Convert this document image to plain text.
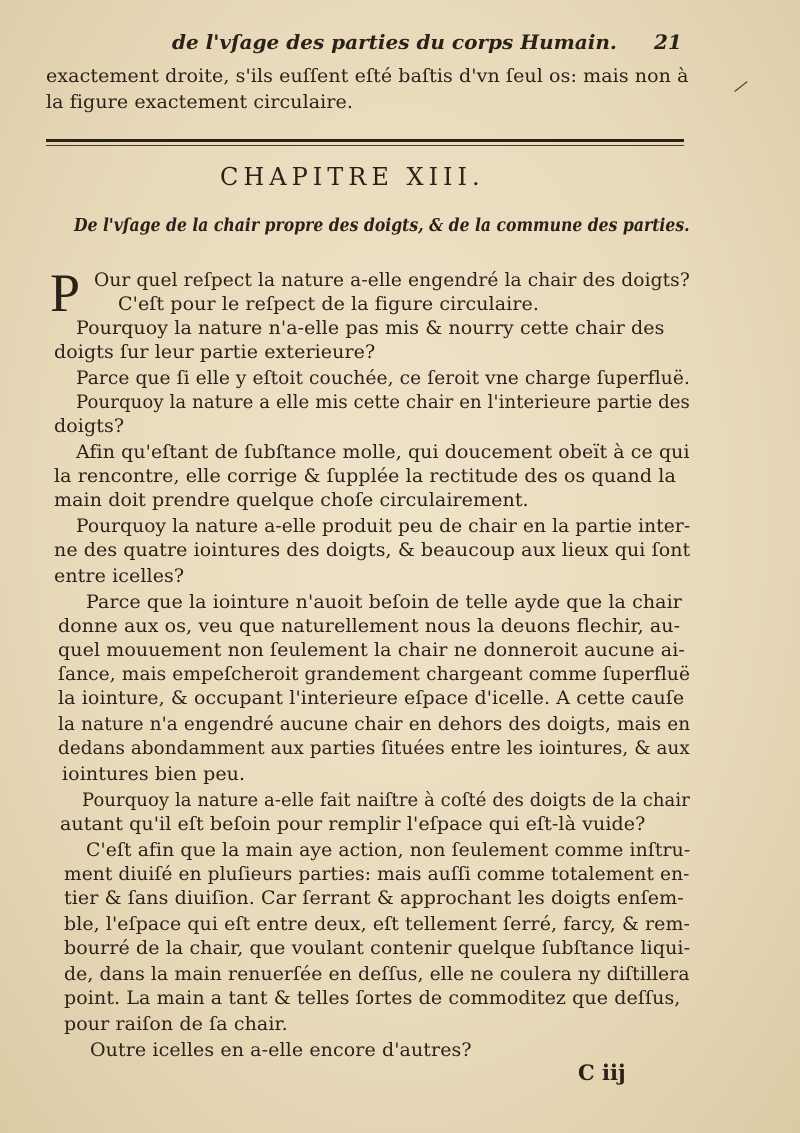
de l'vſage des parties du corps Humain. 21
exactement droite, s'ils euſſent eſté baſtis d'vn ſeul os: mais non à
la figure exactement circulaire.
CHAPITRE XIII.
De l'vſage de la chair propre des doigts, & de la commune des parties.
P Our quel reſpect la nature a-elle engendré la chair des doigts?
C'eſt pour le reſpect de la figure circulaire.
Pourquoy la nature n'a-elle pas mis & nourry cette chair des
doigts ſur leur partie exterieure?
Parce que ſi elle y eſtoit couchée, ce ſeroit vne charge ſuperfluë.
Pourquoy la nature a elle mis cette chair en l'interieure partie des
doigts?
Afin qu'eſtant de ſubſtance molle, qui doucement obeït à ce qui
la rencontre, elle corrige & ſupplée la rectitude des os quand la
main doit prendre quelque choſe circulairement.
Pourquoy la nature a-elle produit peu de chair en la partie inter-
ne des quatre iointures des doigts, & beaucoup aux lieux qui ſont
entre icelles?
Parce que la iointure n'auoit beſoin de telle ayde que la chair
donne aux os, veu que naturellement nous la deuons flechir, au-
quel mouuement non ſeulement la chair ne donneroit aucune ai-
ſance, mais empeſcheroit grandement chargeant comme ſuperfluë
la iointure, & occupant l'interieure eſpace d'icelle. A cette cauſe
la nature n'a engendré aucune chair en dehors des doigts, mais en
dedans abondamment aux parties ſituées entre les iointures, & aux
iointures bien peu.
Pourquoy la nature a-elle fait naiſtre à coſté des doigts de la chair
autant qu'il eſt beſoin pour remplir l'eſpace qui eſt-là vuide?
C'eſt afin que la main aye action, non ſeulement comme inſtru-
ment diuiſé en pluſieurs parties: mais auſſi comme totalement en-
tier & ſans diuiſion. Car ſerrant & approchant les doigts enſem-
ble, l'eſpace qui eſt entre deux, eſt tellement ſerré, farcy, & rem-
bourré de la chair, que voulant contenir quelque ſubſtance liqui-
de, dans la main renuerſée en deſſus, elle ne coulera ny diſtillera
point. La main a tant & telles ſortes de commoditez que deſſus,
pour raiſon de ſa chair.
Outre icelles en a-elle encore d'autres?
C iij
